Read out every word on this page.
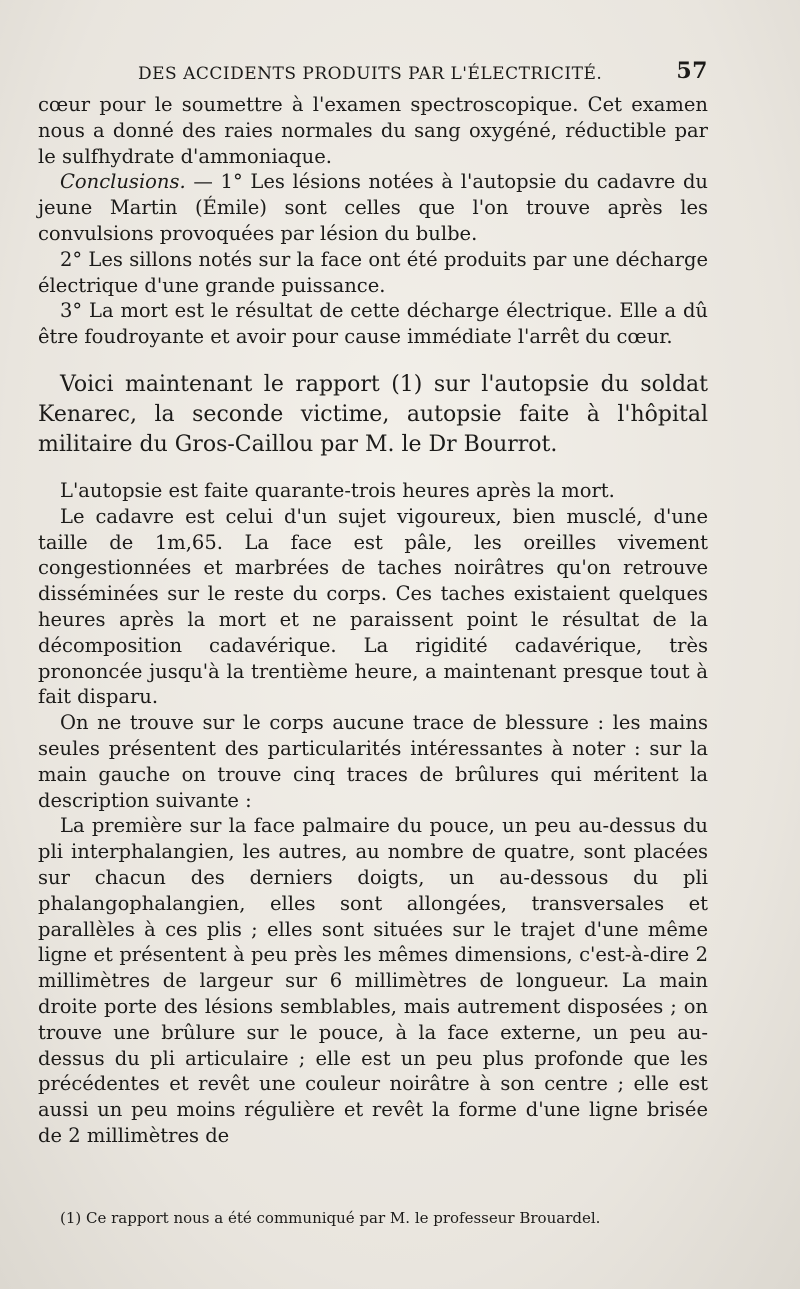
DES ACCIDENTS PRODUITS PAR L'ÉLECTRICITÉ.	57

cœur pour le soumettre à l'examen spectroscopique. Cet examen nous a donné des raies normales du sang oxygéné, réductible par le sulfhydrate d'ammoniaque.

Conclusions. — 1° Les lésions notées à l'autopsie du cadavre du jeune Martin (Émile) sont celles que l'on trouve après les convulsions provoquées par lésion du bulbe.

2° Les sillons notés sur la face ont été produits par une décharge électrique d'une grande puissance.

3° La mort est le résultat de cette décharge électrique. Elle a dû être foudroyante et avoir pour cause immédiate l'arrêt du cœur.

Voici maintenant le rapport (1) sur l'autopsie du soldat Kenarec, la seconde victime, autopsie faite à l'hôpital militaire du Gros-Caillou par M. le Dr Bourrot.

L'autopsie est faite quarante-trois heures après la mort.

Le cadavre est celui d'un sujet vigoureux, bien musclé, d'une taille de 1m,65. La face est pâle, les oreilles vivement congestionnées et marbrées de taches noirâtres qu'on retrouve disséminées sur le reste du corps. Ces taches existaient quelques heures après la mort et ne paraissent point le résultat de la décomposition cadavérique. La rigidité cadavérique, très prononcée jusqu'à la trentième heure, a maintenant presque tout à fait disparu.

On ne trouve sur le corps aucune trace de blessure : les mains seules présentent des particularités intéressantes à noter : sur la main gauche on trouve cinq traces de brûlures qui méritent la description suivante :

La première sur la face palmaire du pouce, un peu au-dessus du pli interphalangien, les autres, au nombre de quatre, sont placées sur chacun des derniers doigts, un au-dessous du pli phalangophalangien, elles sont allongées, transversales et parallèles à ces plis ; elles sont situées sur le trajet d'une même ligne et présentent à peu près les mêmes dimensions, c'est-à-dire 2 millimètres de largeur sur 6 millimètres de longueur. La main droite porte des lésions semblables, mais autrement disposées ; on trouve une brûlure sur le pouce, à la face externe, un peu au-dessus du pli articulaire ; elle est un peu plus profonde que les précédentes et revêt une couleur noirâtre à son centre ; elle est aussi un peu moins régulière et revêt la forme d'une ligne brisée de 2 millimètres de

(1) Ce rapport nous a été communiqué par M. le professeur Brouardel.
